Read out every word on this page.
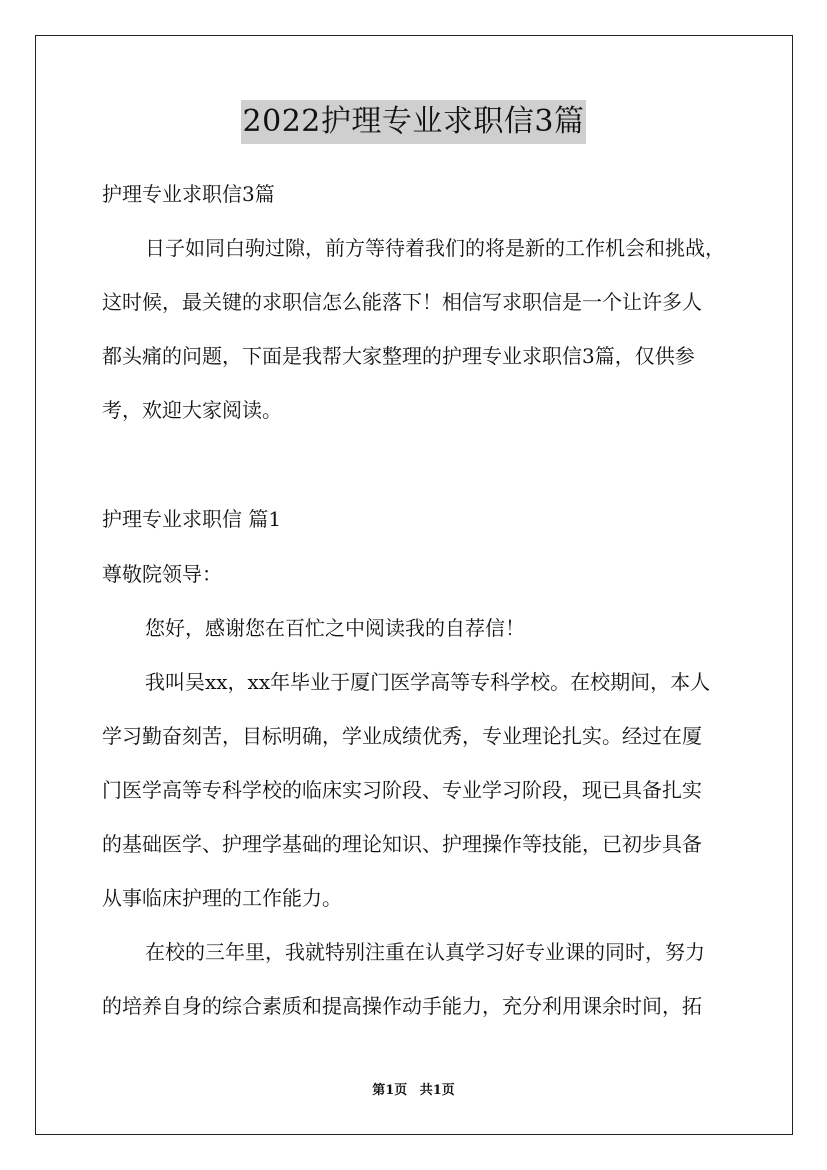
2022护理专业求职信3篇
护理专业求职信3篇
日子如同白驹过隙，前方等待着我们的将是新的工作机会和挑战，
这时候，最关键的求职信怎么能落下！相信写求职信是一个让许多人
都头痛的问题，下面是我帮大家整理的护理专业求职信3篇，仅供参
考，欢迎大家阅读。
护理专业求职信 篇1
尊敬院领导：
您好，感谢您在百忙之中阅读我的自荐信！
我叫吴xx，xx年毕业于厦门医学高等专科学校。在校期间，本人
学习勤奋刻苦，目标明确，学业成绩优秀，专业理论扎实。经过在厦
门医学高等专科学校的临床实习阶段、专业学习阶段，现已具备扎实
的基础医学、护理学基础的理论知识、护理操作等技能，已初步具备
从事临床护理的工作能力。
在校的三年里，我就特别注重在认真学习好专业课的同时，努力
的培养自身的综合素质和提高操作动手能力，充分利用课余时间，拓
第1页 共1页
